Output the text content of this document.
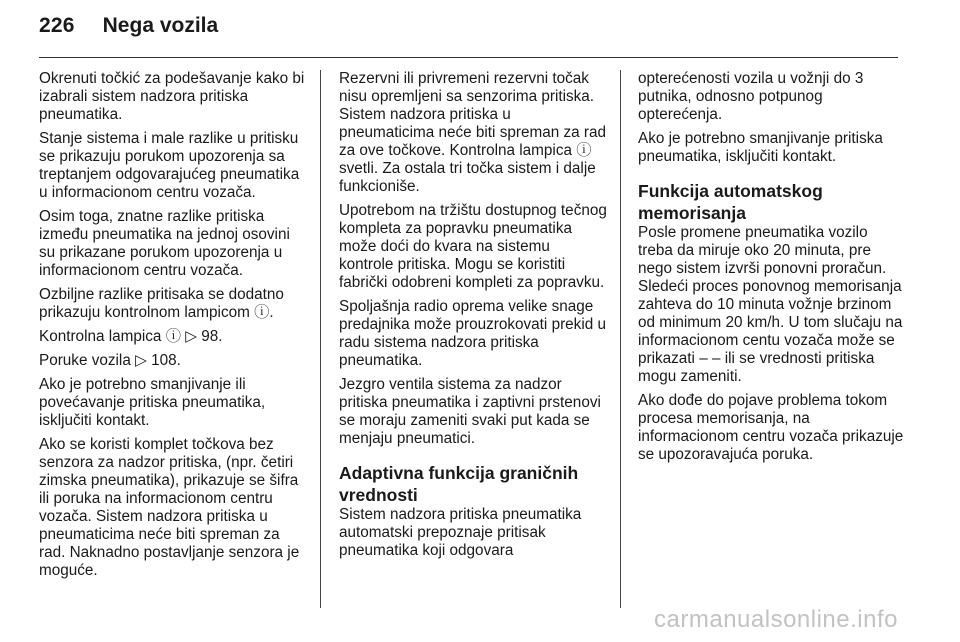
226 Nega vozila

Okrenuti točkić za podešavanje kako bi izabrali sistem nadzora pritiska pneumatika.

Stanje sistema i male razlike u pritisku se prikazuju porukom upozorenja sa treptanjem odgovarajućeg pneumatika u informacionom centru vozača.

Osim toga, znatne razlike pritiska između pneumatika na jednoj osovini su prikazane porukom upozorenja u informacionom centru vozača.

Ozbiljne razlike pritisaka se dodatno prikazuju kontrolnom lampicom ⓘ.

Kontrolna lampica ⓘ ▷ 98.

Poruke vozila ▷ 108.

Ako je potrebno smanjivanje ili povećavanje pritiska pneumatika, isključiti kontakt.

Ako se koristi komplet točkova bez senzora za nadzor pritiska, (npr. četiri zimska pneumatika), prikazuje se šifra ili poruka na informacionom centru vozača. Sistem nadzora pritiska u pneumaticima neće biti spreman za rad. Naknadno postavljanje senzora je moguće.

Rezervni ili privremeni rezervni točak nisu opremljeni sa senzorima pritiska. Sistem nadzora pritiska u pneumaticima neće biti spreman za rad za ove točkove. Kontrolna lampica ⓘ svetli. Za ostala tri točka sistem i dalje funkcioniše.

Upotrebom na tržištu dostupnog tečnog kompleta za popravku pneumatika može doći do kvara na sistemu kontrole pritiska. Mogu se koristiti fabrički odobreni kompleti za popravku.

Spoljašnja radio oprema velike snage predajnika može prouzrokovati prekid u radu sistema nadzora pritiska pneumatika.

Jezgro ventila sistema za nadzor pritiska pneumatika i zaptivni prstenovi se moraju zameniti svaki put kada se menjaju pneumatici.

Adaptivna funkcija graničnih vrednosti

Sistem nadzora pritiska pneumatika automatski prepoznaje pritisak pneumatika koji odgovara

opterećenosti vozila u vožnji do 3 putnika, odnosno potpunog opterećenja.

Ako je potrebno smanjivanje pritiska pneumatika, isključiti kontakt.

Funkcija automatskog memorisanja

Posle promene pneumatika vozilo treba da miruje oko 20 minuta, pre nego sistem izvrši ponovni proračun. Sledeći proces ponovnog memorisanja zahteva do 10 minuta vožnje brzinom od minimum 20 km/h. U tom slučaju na informacionom centu vozača može se prikazati – – ili se vrednosti pritiska mogu zameniti.

Ako dođe do pojave problema tokom procesa memorisanja, na informacionom centru vozača prikazuje se upozoravajuća poruka.

carmanualsonline.info
